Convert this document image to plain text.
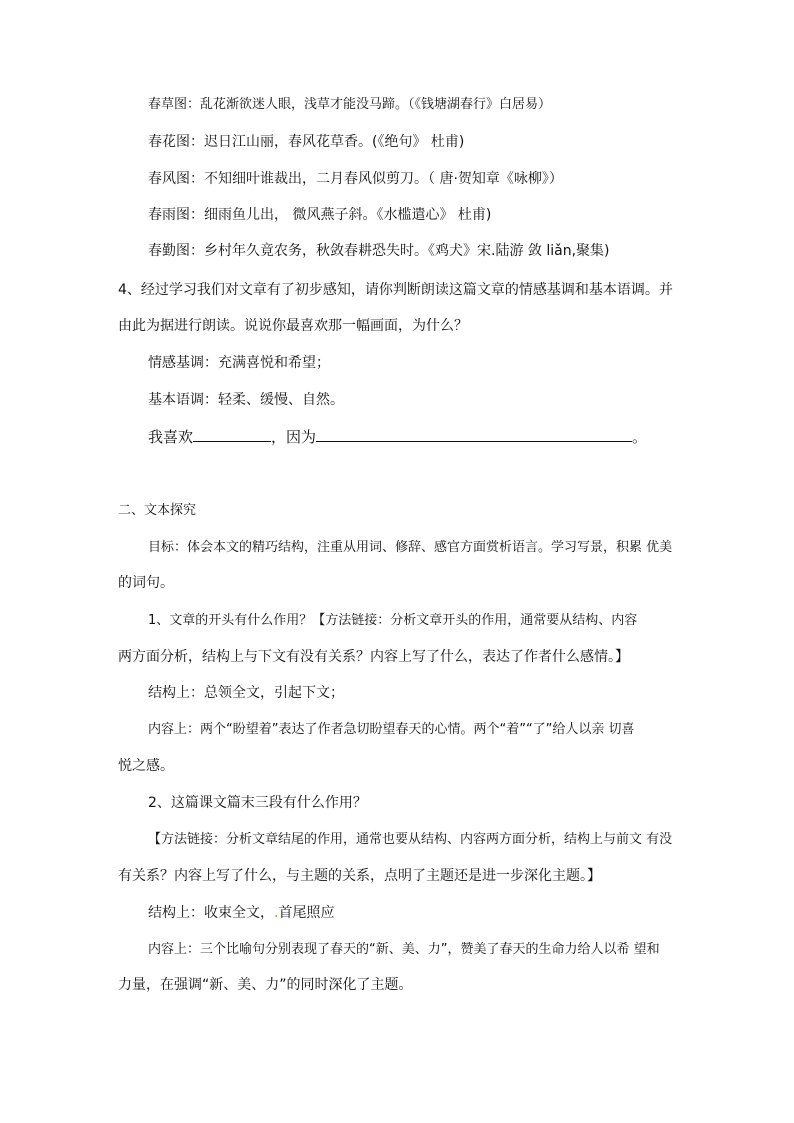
春草图：乱花渐欲迷人眼，浅草才能没马蹄。（《钱塘湖春行》白居易）
春花图：迟日江山丽，春风花草香。(《绝句》 杜甫)
春风图：不知细叶谁裁出，二月春风似剪刀。（ 唐·贺知章《咏柳》）
春雨图：细雨鱼儿出， 微风燕子斜。《水槛遣心》 杜甫)
春勤图：乡村年久竟农务，秋敛春耕恐失时。《鸡犬》宋.陆游 敛 liǎn,聚集)
4、经过学习我们对文章有了初步感知，请你判断朗读这篇文章的情感基调和基本语调。并
由此为据进行朗读。说说你最喜欢那一幅画面，为什么？
情感基调：充满喜悦和希望；
基本语调：轻柔、缓慢、自然。
我喜欢	，因为	。
二、文本探究
目标：体会本文的精巧结构，注重从用词、修辞、感官方面赏析语言。学习写景，积累 优美
的词句。
1、文章的开头有什么作用？【方法链接：分析文章开头的作用，通常要从结构、内容
两方面分析，结构上与下文有没有关系？内容上写了什么，表达了作者什么感情。】
结构上：总领全文，引起下文；
内容上：两个“盼望着”表达了作者急切盼望春天的心情。两个“着”“了”给人以亲 切喜
悦之感。
2、这篇课文篇末三段有什么作用？
【方法链接：分析文章结尾的作用，通常也要从结构、内容两方面分析，结构上与前文 有没
有关系？内容上写了什么，与主题的关系，点明了主题还是进一步深化主题。】
结构上：收束全文，.首尾照应
内容上：三个比喻句分别表现了春天的“新、美、力”，赞美了春天的生命力给人以希 望和
力量，在强调“新、美、力”的同时深化了主题。
